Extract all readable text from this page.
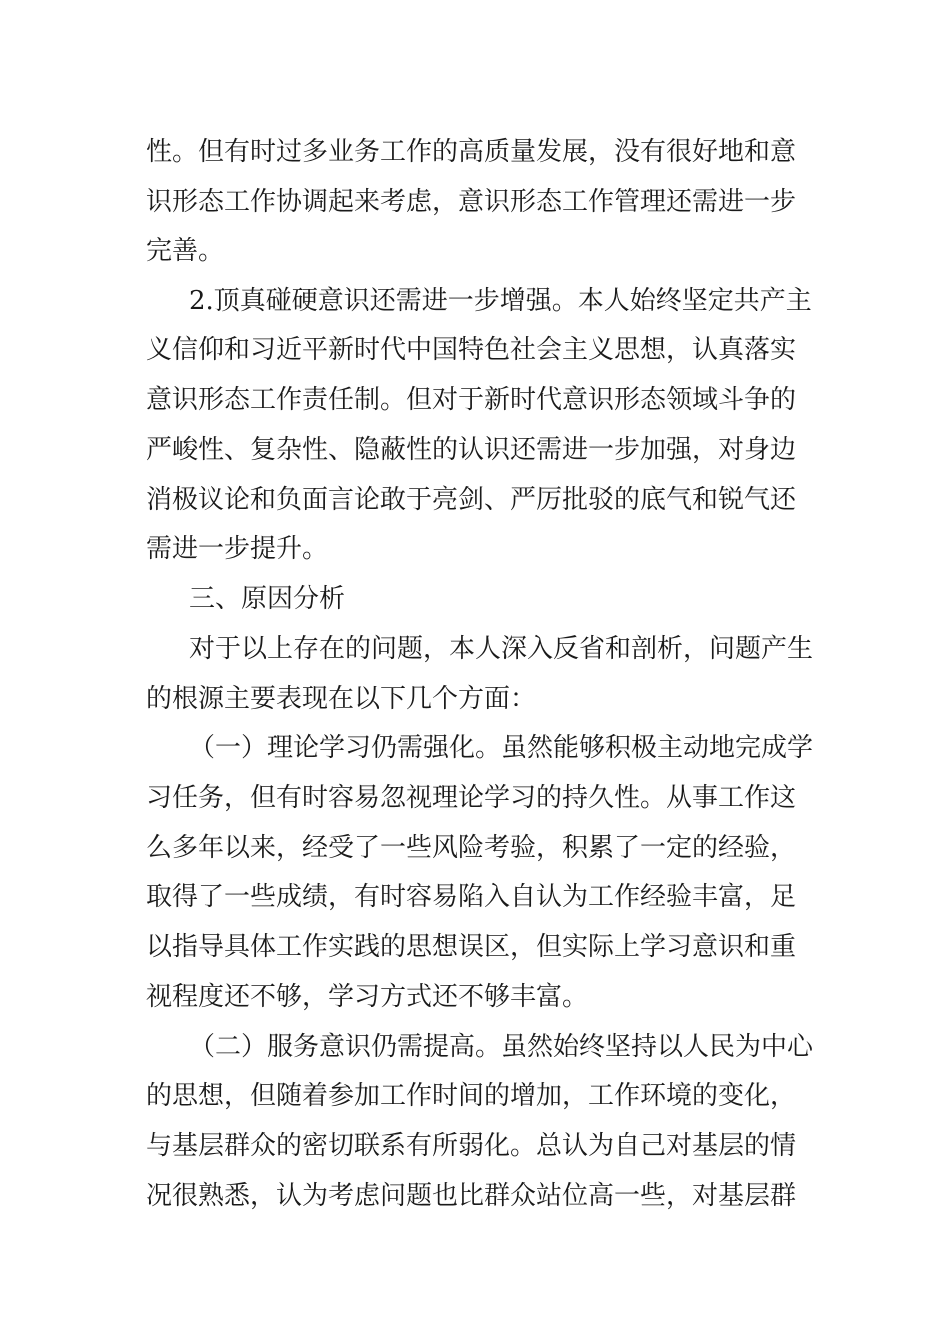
性。但有时过多业务工作的高质量发展，没有很好地和意
识形态工作协调起来考虑，意识形态工作管理还需进一步
完善。
2.顶真碰硬意识还需进一步增强。本人始终坚定共产主
义信仰和习近平新时代中国特色社会主义思想，认真落实
意识形态工作责任制。但对于新时代意识形态领域斗争的
严峻性、复杂性、隐蔽性的认识还需进一步加强，对身边
消极议论和负面言论敢于亮剑、严厉批驳的底气和锐气还
需进一步提升。
三、原因分析
对于以上存在的问题，本人深入反省和剖析，问题产生
的根源主要表现在以下几个方面：
（一）理论学习仍需强化。虽然能够积极主动地完成学
习任务，但有时容易忽视理论学习的持久性。从事工作这
么多年以来，经受了一些风险考验，积累了一定的经验，
取得了一些成绩，有时容易陷入自认为工作经验丰富，足
以指导具体工作实践的思想误区，但实际上学习意识和重
视程度还不够，学习方式还不够丰富。
（二）服务意识仍需提高。虽然始终坚持以人民为中心
的思想，但随着参加工作时间的增加，工作环境的变化，
与基层群众的密切联系有所弱化。总认为自己对基层的情
况很熟悉，认为考虑问题也比群众站位高一些，对基层群
